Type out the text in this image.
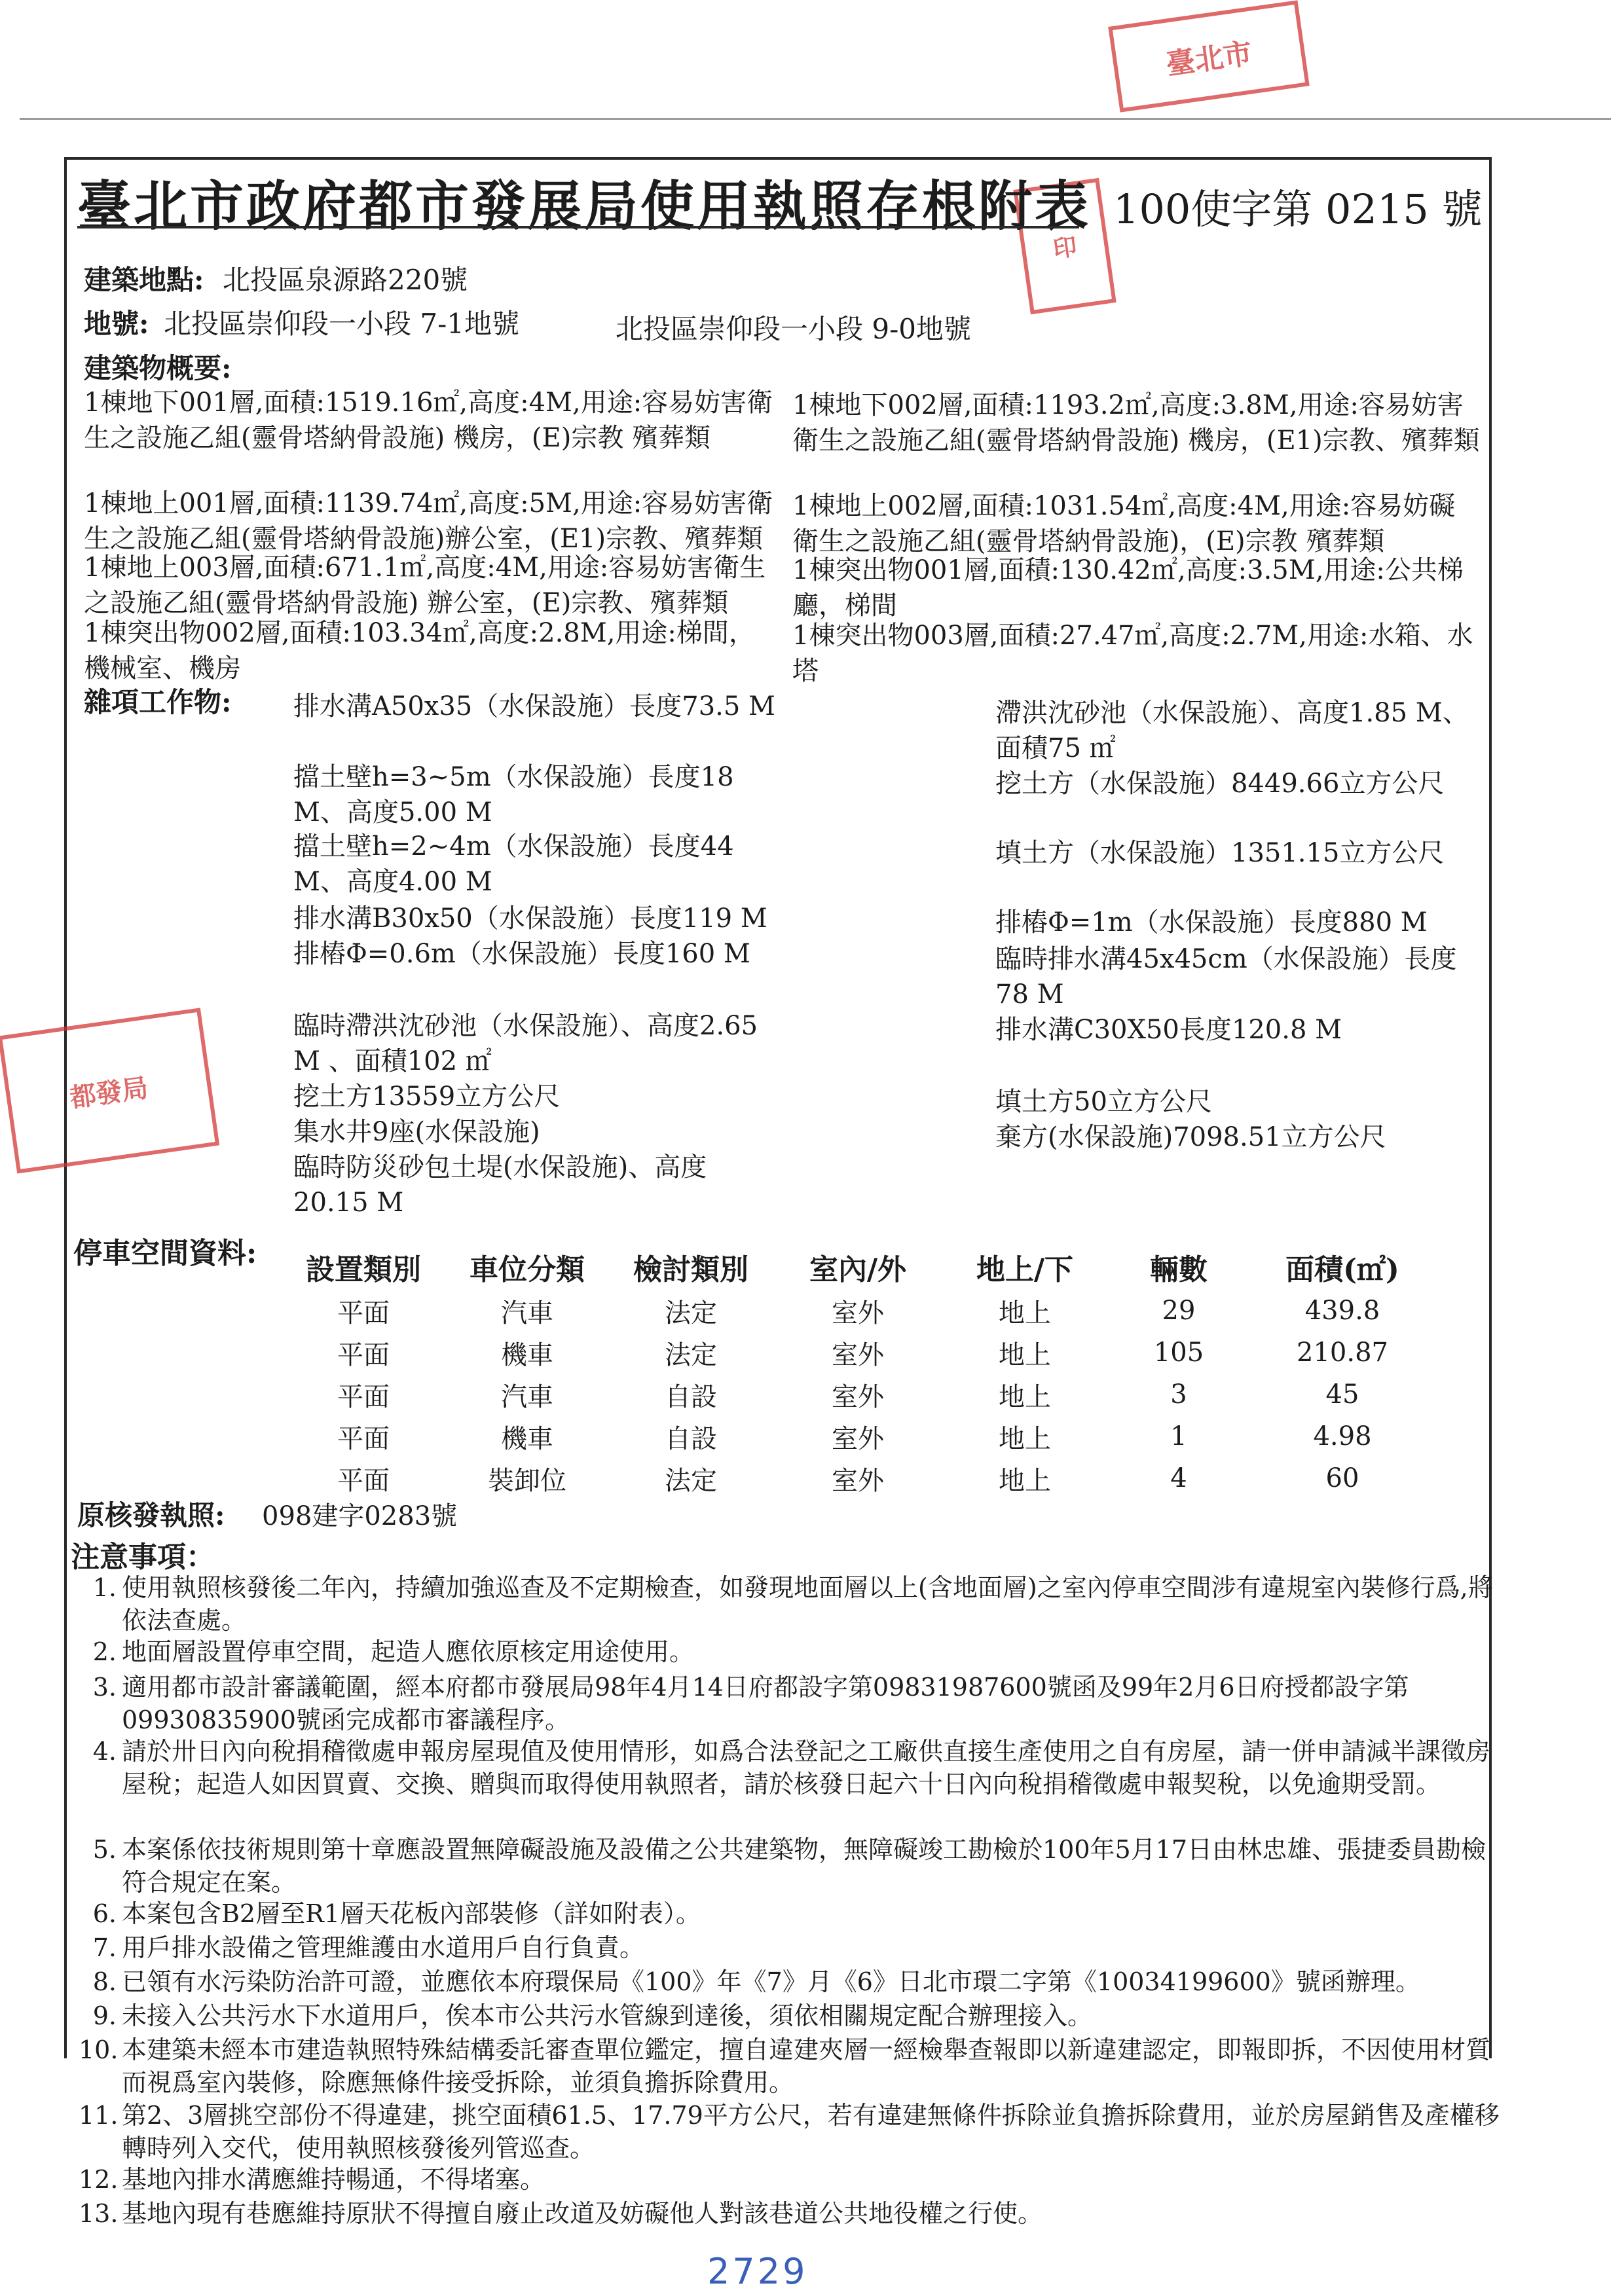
臺北市
印
都發局
2729
臺北市政府都市發展局使用執照存根附表 100使字第 0215 號
建築地點: 北投區泉源路220號
地號: 北投區崇仰段一小段 7-1地號	北投區崇仰段一小段 9-0地號
建築物概要:
1棟地下001層,面積:1519.16㎡,高度:4M,用途:容易妨害衛生之設施乙組(靈骨塔納骨設施) 機房，(E)宗教 殯葬類
1棟地上001層,面積:1139.74㎡,高度:5M,用途:容易妨害衛生之設施乙組(靈骨塔納骨設施)辦公室，(E1)宗教、殯葬類
1棟地上003層,面積:671.1㎡,高度:4M,用途:容易妨害衛生之設施乙組(靈骨塔納骨設施) 辦公室，(E)宗教、殯葬類
1棟突出物002層,面積:103.34㎡,高度:2.8M,用途:梯間，機械室、機房
1棟地下002層,面積:1193.2㎡,高度:3.8M,用途:容易妨害衛生之設施乙組(靈骨塔納骨設施) 機房，(E1)宗教、殯葬類
1棟地上002層,面積:1031.54㎡,高度:4M,用途:容易妨礙衛生之設施乙組(靈骨塔納骨設施)，(E)宗教 殯葬類
1棟突出物001層,面積:130.42㎡,高度:3.5M,用途:公共梯廳，梯間
1棟突出物003層,面積:27.47㎡,高度:2.7M,用途:水箱、水塔
雜項工作物: 排水溝A50x35（水保設施）長度73.5 M
擋土壁h=3~5m（水保設施）長度18 M、高度5.00 M
擋土壁h=2~4m（水保設施）長度44 M、高度4.00 M
排水溝B30x50（水保設施）長度119 M
排樁Φ=0.6m（水保設施）長度160 M
臨時滯洪沈砂池（水保設施）、高度2.65 M 、面積102 ㎡
挖土方13559立方公尺
集水井9座(水保設施)
臨時防災砂包土堤(水保設施)、高度20.15 M
滯洪沈砂池（水保設施）、高度1.85 M、面積75 ㎡
挖土方（水保設施）8449.66立方公尺
填土方（水保設施）1351.15立方公尺
排樁Φ=1m（水保設施）長度880 M
臨時排水溝45x45cm（水保設施）長度78 M
排水溝C30X50長度120.8 M
填土方50立方公尺
棄方(水保設施)7098.51立方公尺
停車空間資料: 設置類別	車位分類	檢討類別	室內/外	地上/下	輛數	面積(㎡)
平面	汽車	法定	室外	地上	29	439.8
平面	機車	法定	室外	地上	105	210.87
平面	汽車	自設	室外	地上	3	45
平面	機車	自設	室外	地上	1	4.98
平面	裝卸位	法定	室外	地上	4	60
原核發執照: 098建字0283號
注意事項：
1. 使用執照核發後二年內，持續加強巡查及不定期檢查，如發現地面層以上(含地面層)之室內停車空間涉有違規室內裝修行爲,將依法查處。
2. 地面層設置停車空間，起造人應依原核定用途使用。
3. 適用都市設計審議範圍，經本府都市發展局98年4月14日府都設字第09831987600號函及99年2月6日府授都設字第09930835900號函完成都市審議程序。
4. 請於卅日內向稅捐稽徵處申報房屋現值及使用情形，如爲合法登記之工廠供直接生產使用之自有房屋，請一併申請減半課徵房屋稅；起造人如因買賣、交換、贈與而取得使用執照者，請於核發日起六十日內向稅捐稽徵處申報契稅，以免逾期受罰。
5. 本案係依技術規則第十章應設置無障礙設施及設備之公共建築物，無障礙竣工勘檢於100年5月17日由林忠雄、張捷委員勘檢符合規定在案。
6. 本案包含B2層至R1層天花板內部裝修（詳如附表）。
7. 用戶排水設備之管理維護由水道用戶自行負責。
8. 已領有水污染防治許可證，並應依本府環保局《100》年《7》月《6》日北市環二字第《10034199600》號函辦理。
9. 未接入公共污水下水道用戶，俟本市公共污水管線到達後，須依相關規定配合辦理接入。
10. 本建築未經本市建造執照特殊結構委託審查單位鑑定，擅自違建夾層一經檢舉查報即以新違建認定，即報即拆，不因使用材質而視爲室內裝修，除應無條件接受拆除，並須負擔拆除費用。
11. 第2、3層挑空部份不得違建，挑空面積61.5、17.79平方公尺，若有違建無條件拆除並負擔拆除費用，並於房屋銷售及產權移轉時列入交代，使用執照核發後列管巡查。
12. 基地內排水溝應維持暢通，不得堵塞。
13. 基地內現有巷應維持原狀不得擅自廢止改道及妨礙他人對該巷道公共地役權之行使。
